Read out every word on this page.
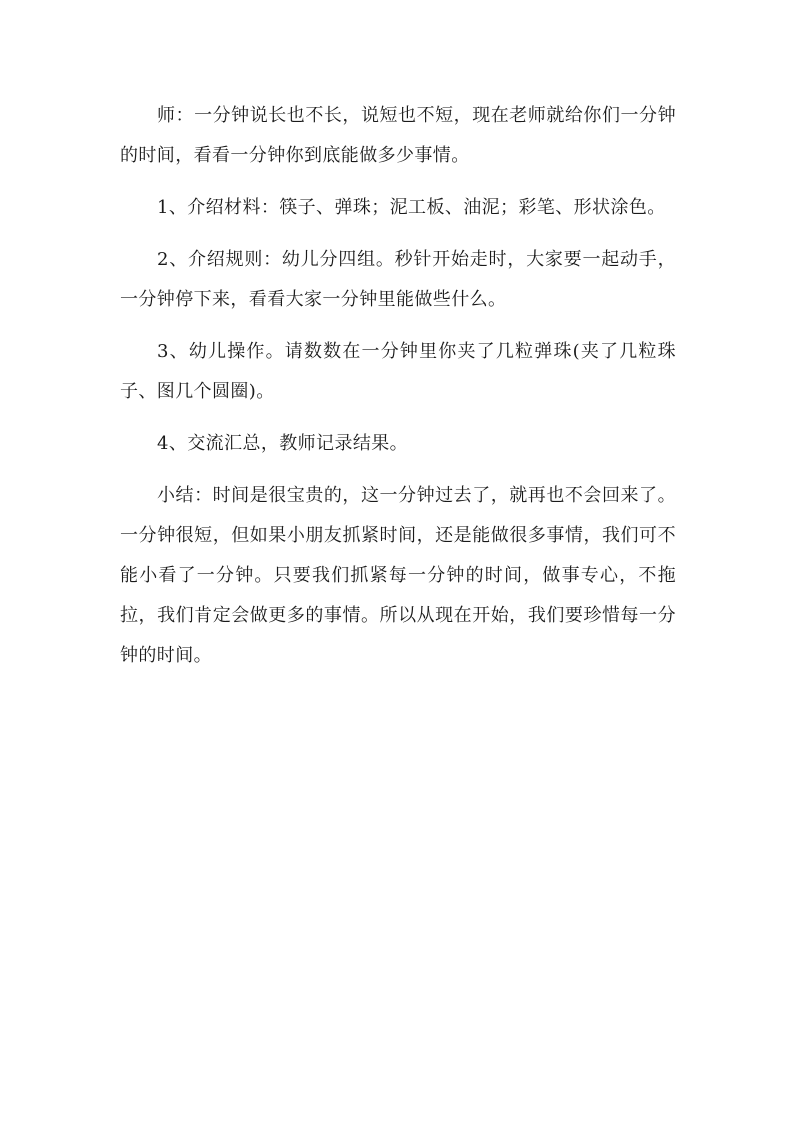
师：一分钟说长也不长，说短也不短，现在老师就给你们一分钟的时间，看看一分钟你到底能做多少事情。

1、介绍材料：筷子、弹珠；泥工板、油泥；彩笔、形状涂色。

2、介绍规则：幼儿分四组。秒针开始走时，大家要一起动手，一分钟停下来，看看大家一分钟里能做些什么。

3、幼儿操作。请数数在一分钟里你夹了几粒弹珠(夹了几粒珠子、图几个圆圈)。

4、交流汇总，教师记录结果。

小结：时间是很宝贵的，这一分钟过去了，就再也不会回来了。一分钟很短，但如果小朋友抓紧时间，还是能做很多事情，我们可不能小看了一分钟。只要我们抓紧每一分钟的时间，做事专心，不拖拉，我们肯定会做更多的事情。所以从现在开始，我们要珍惜每一分钟的时间。
